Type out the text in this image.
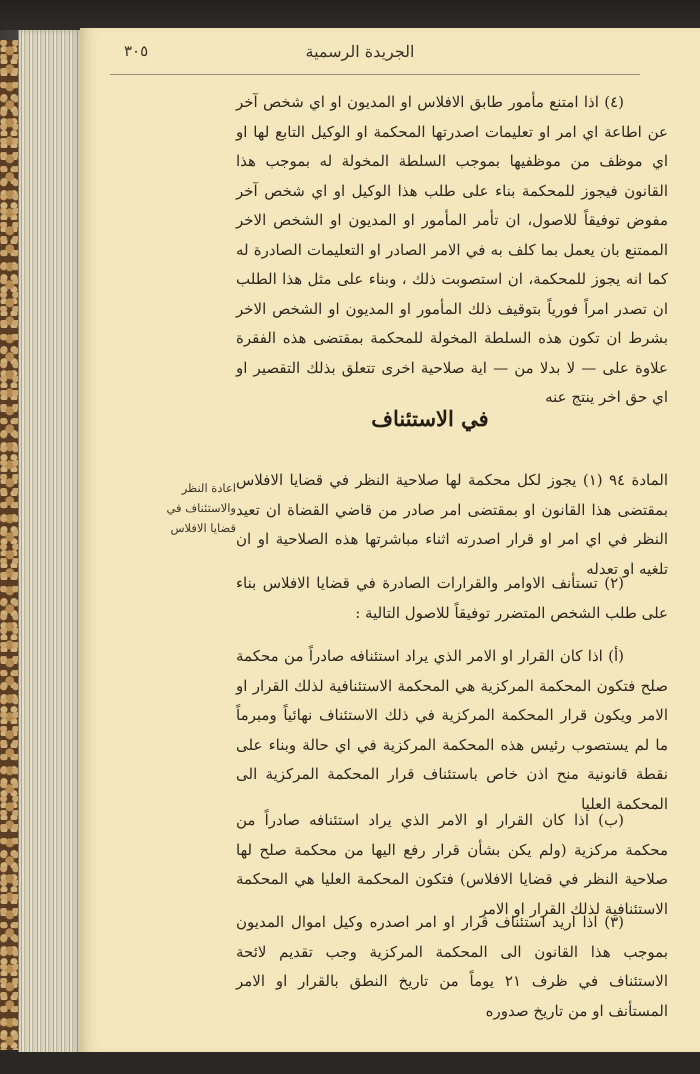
٣٠٥	الجريدة الرسمية

(٤) اذا امتنع مأمور طابق الافلاس او المديون او اي شخص آخر عن اطاعة اي امر او تعليمات اصدرتها المحكمة او الوكيل التابع لها او اي موظف من موظفيها بموجب السلطة المخولة له بموجب هذا القانون فيجوز للمحكمة بناء على طلب هذا الوكيل او اي شخص آخر مفوض توفيقاً للاصول، ان تأمر المأمور او المديون او الشخص الاخر الممتنع بان يعمل بما كلف به في الامر الصادر او التعليمات الصادرة له كما انه يجوز للمحكمة، ان استصوبت ذلك ، وبناء على مثل هذا الطلب ان تصدر امراً فورياً بتوقيف ذلك المأمور او المديون او الشخص الاخر بشرط ان تكون هذه السلطة المخولة للمحكمة بمقتضى هذه الفقرة علاوة على — لا بدلا من — اية صلاحية اخرى تتعلق بذلك التقصير او اي حق اخر ينتج عنه

في الاستئناف
اعادة النظر والاستئناف في قضايا الافلاس

المادة ٩٤ (١) يجوز لكل محكمة لها صلاحية النظر في قضايا الافلاس بمقتضى هذا القانون او بمقتضى امر صادر من قاضي القضاة ان تعيد النظر في اي امر او قرار اصدرته اثناء مباشرتها هذه الصلاحية او ان تلغيه او تعدله

(٢) تستأنف الاوامر والقرارات الصادرة في قضايا الافلاس بناء على طلب الشخص المتضرر توفيقاً للاصول التالية :

(أ) اذا كان القرار او الامر الذي يراد استئنافه صادراً من محكمة صلح فتكون المحكمة المركزية هي المحكمة الاستئنافية لذلك القرار او الامر ويكون قرار المحكمة المركزية في ذلك الاستئناف نهائياً ومبرماً ما لم يستصوب رئيس هذه المحكمة المركزية في اي حالة وبناء على نقطة قانونية منح اذن خاص باستئناف قرار المحكمة المركزية الى المحكمة العليا

(ب) اذا كان القرار او الامر الذي يراد استئنافه صادراً من محكمة مركزية (ولم يكن بشأن قرار رفع اليها من محكمة صلح لها صلاحية النظر في قضايا الافلاس) فتكون المحكمة العليا هي المحكمة الاستئنافية لذلك القرار او الامر

(٣) اذا اريد استئناف قرار او امر اصدره وكيل اموال المديون بموجب هذا القانون الى المحكمة المركزية وجب تقديم لائحة الاستئناف في ظرف ٢١ يوماً من تاريخ النطق بالقرار او الامر المستأنف او من تاريخ صدوره
